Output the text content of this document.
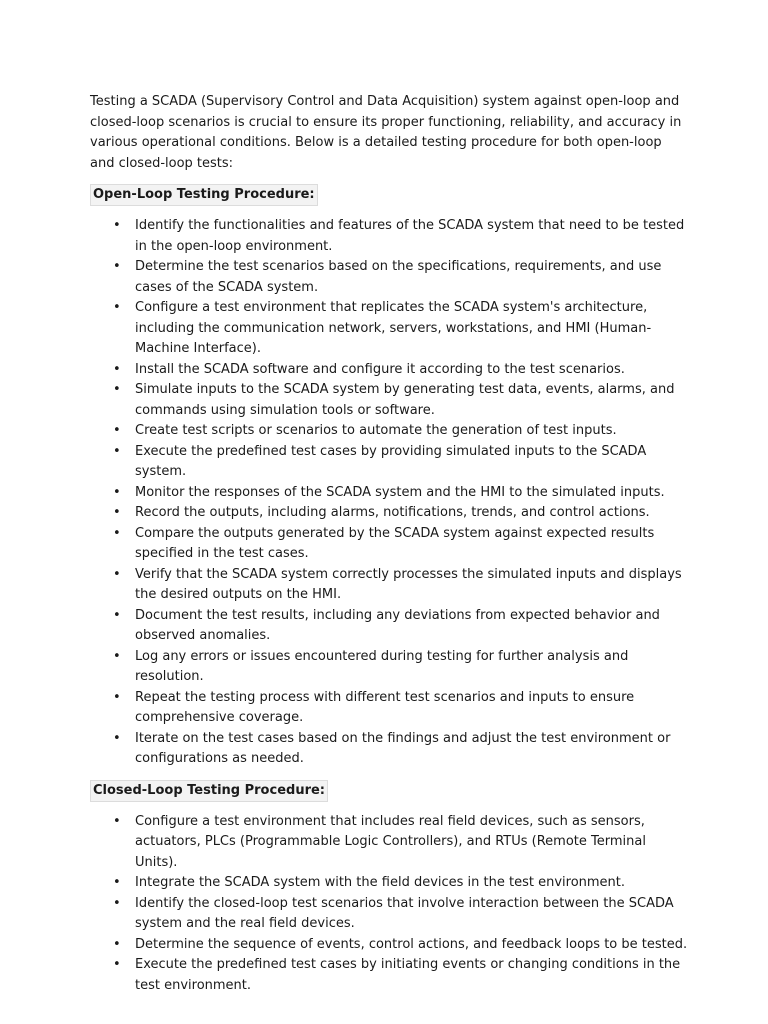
Testing a SCADA (Supervisory Control and Data Acquisition) system against open-loop and closed-loop scenarios is crucial to ensure its proper functioning, reliability, and accuracy in various operational conditions. Below is a detailed testing procedure for both open-loop and closed-loop tests:

Open-Loop Testing Procedure:
• Identify the functionalities and features of the SCADA system that need to be tested in the open-loop environment.
• Determine the test scenarios based on the specifications, requirements, and use cases of the SCADA system.
• Configure a test environment that replicates the SCADA system's architecture, including the communication network, servers, workstations, and HMI (Human-Machine Interface).
• Install the SCADA software and configure it according to the test scenarios.
• Simulate inputs to the SCADA system by generating test data, events, alarms, and commands using simulation tools or software.
• Create test scripts or scenarios to automate the generation of test inputs.
• Execute the predefined test cases by providing simulated inputs to the SCADA system.
• Monitor the responses of the SCADA system and the HMI to the simulated inputs.
• Record the outputs, including alarms, notifications, trends, and control actions.
• Compare the outputs generated by the SCADA system against expected results specified in the test cases.
• Verify that the SCADA system correctly processes the simulated inputs and displays the desired outputs on the HMI.
• Document the test results, including any deviations from expected behavior and observed anomalies.
• Log any errors or issues encountered during testing for further analysis and resolution.
• Repeat the testing process with different test scenarios and inputs to ensure comprehensive coverage.
• Iterate on the test cases based on the findings and adjust the test environment or configurations as needed.
Closed-Loop Testing Procedure:
• Configure a test environment that includes real field devices, such as sensors, actuators, PLCs (Programmable Logic Controllers), and RTUs (Remote Terminal Units).
• Integrate the SCADA system with the field devices in the test environment.
• Identify the closed-loop test scenarios that involve interaction between the SCADA system and the real field devices.
• Determine the sequence of events, control actions, and feedback loops to be tested.
• Execute the predefined test cases by initiating events or changing conditions in the test environment.
